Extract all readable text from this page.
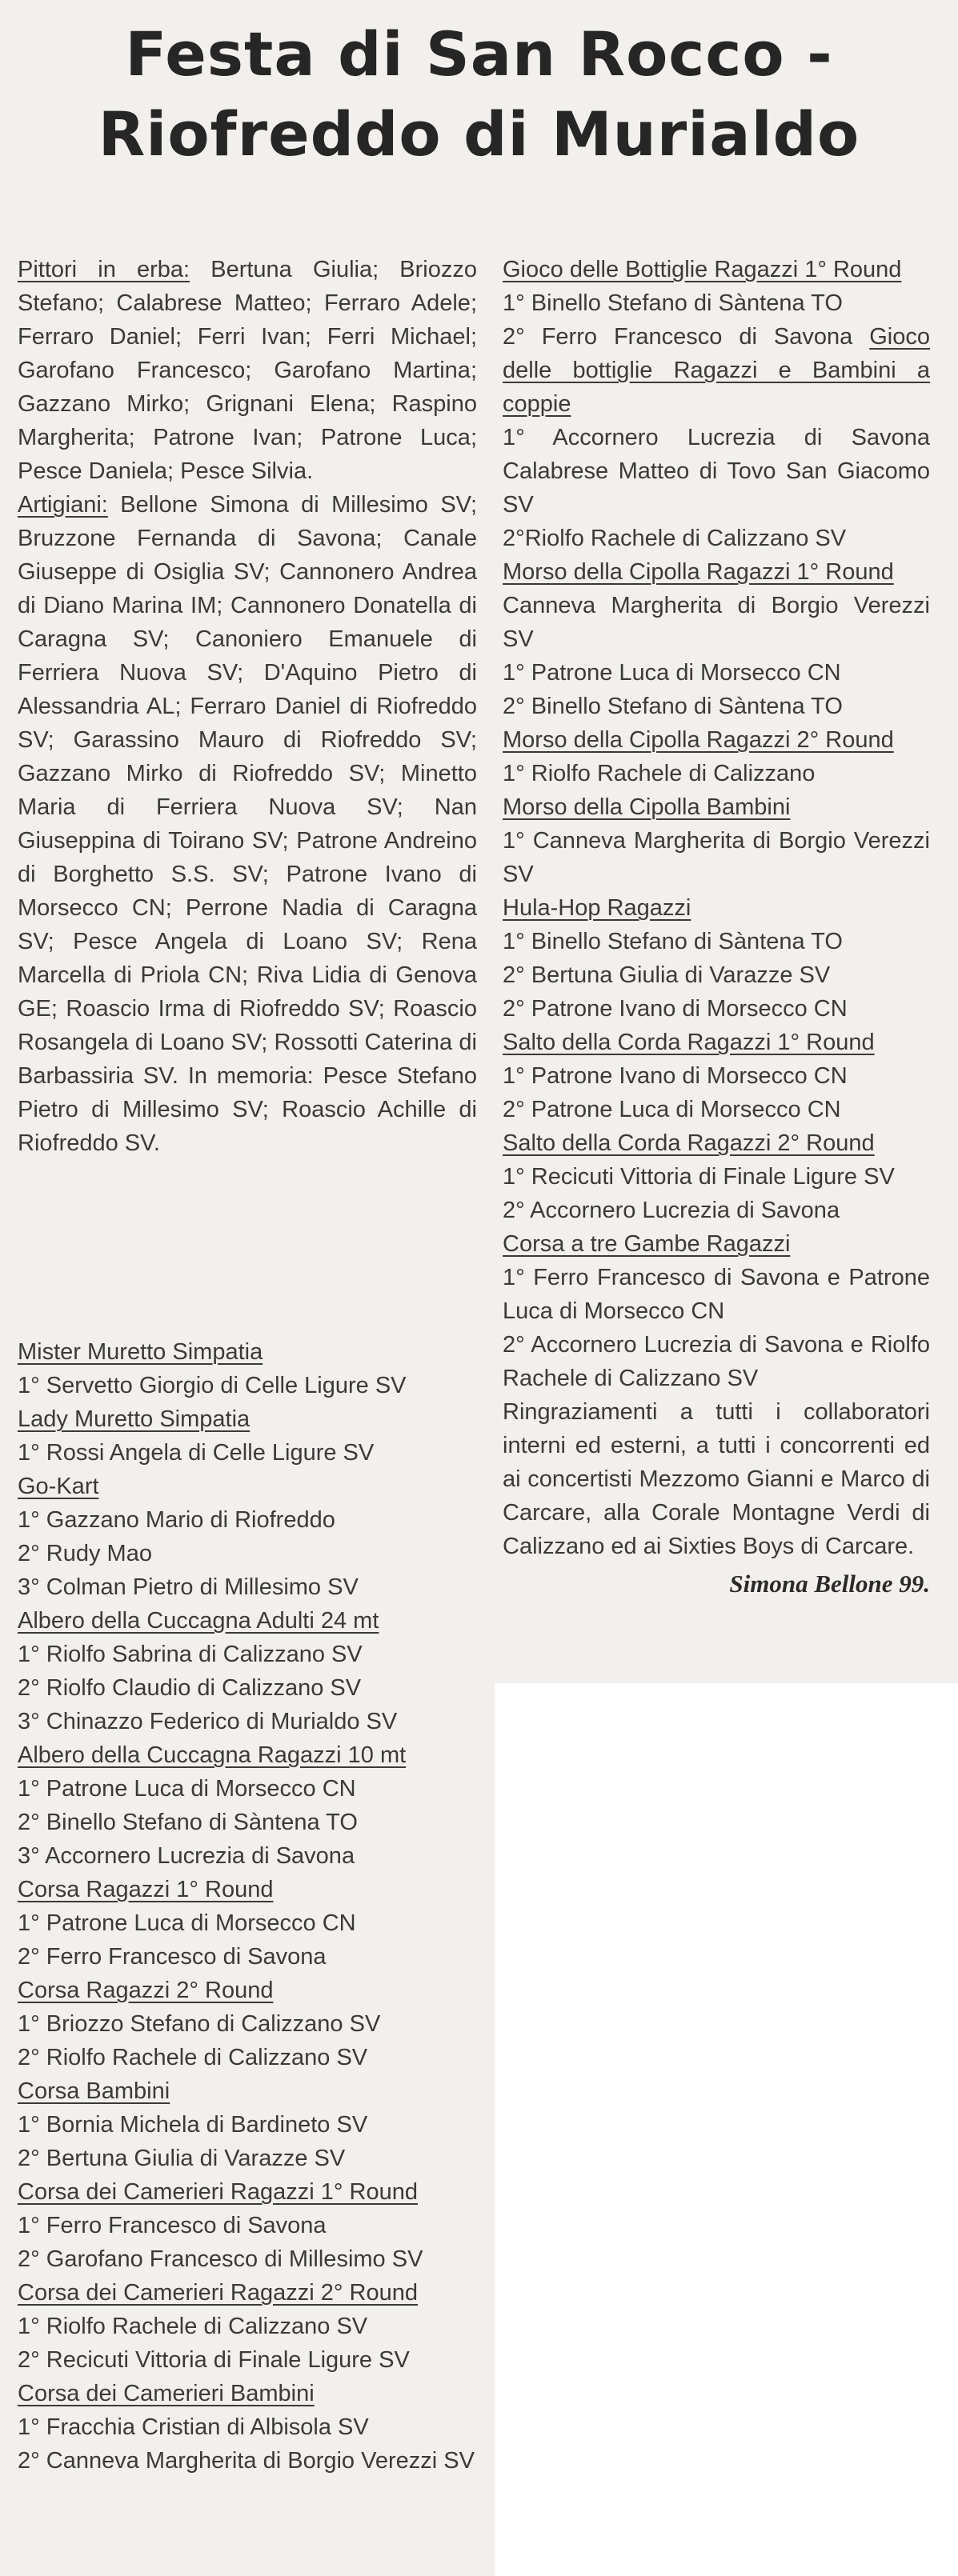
Festa di San Rocco -
Riofreddo di Murialdo

Pittori in erba: Bertuna Giulia; Briozzo Stefano; Calabrese Matteo; Ferraro Adele; Ferraro Daniel; Ferri Ivan; Ferri Michael; Garofano Francesco; Garofano Martina; Gazzano Mirko; Grignani Elena; Raspino Margherita; Patrone Ivan; Patrone Luca; Pesce Daniela; Pesce Silvia.

Artigiani: Bellone Simona di Millesimo SV; Bruzzone Fernanda di Savona; Canale Giuseppe di Osiglia SV; Cannonero Andrea di Diano Marina IM; Cannonero Donatella di Caragna SV; Canoniero Emanuele di Ferriera Nuova SV; D'Aquino Pietro di Alessandria AL; Ferraro Daniel di Riofreddo SV; Garassino Mauro di Riofreddo SV; Gazzano Mirko di Riofreddo SV; Minetto Maria di Ferriera Nuova SV; Nan Giuseppina di Toirano SV; Patrone Andreino di Borghetto S.S. SV; Patrone Ivano di Morsecco CN; Perrone Nadia di Caragna SV; Pesce Angela di Loano SV; Rena Marcella di Priola CN; Riva Lidia di Genova GE; Roascio Irma di Riofreddo SV; Roascio Rosangela di Loano SV; Rossotti Caterina di Barbassiria SV. In memoria: Pesce Stefano Pietro di Millesimo SV; Roascio Achille di Riofreddo SV.

Mister Muretto Simpatia
1° Servetto Giorgio di Celle Ligure SV
Lady Muretto Simpatia
1° Rossi Angela di Celle Ligure SV
Go-Kart
1° Gazzano Mario di Riofreddo
2° Rudy Mao
3° Colman Pietro di Millesimo SV
Albero della Cuccagna Adulti 24 mt
1° Riolfo Sabrina di Calizzano SV
2° Riolfo Claudio di Calizzano SV
3° Chinazzo Federico di Murialdo SV
Albero della Cuccagna Ragazzi 10 mt
1° Patrone Luca di Morsecco CN
2° Binello Stefano di Sàntena TO
3° Accornero Lucrezia di Savona
Corsa Ragazzi 1° Round
1° Patrone Luca di Morsecco CN
2° Ferro Francesco di Savona
Corsa Ragazzi 2° Round
1° Briozzo Stefano di Calizzano SV
2° Riolfo Rachele di Calizzano SV
Corsa Bambini
1° Bornia Michela di Bardineto SV
2° Bertuna Giulia di Varazze SV
Corsa dei Camerieri Ragazzi 1° Round
1° Ferro Francesco di Savona
2° Garofano Francesco di Millesimo SV
Corsa dei Camerieri Ragazzi 2° Round
1° Riolfo Rachele di Calizzano SV
2° Recicuti Vittoria di Finale Ligure SV
Corsa dei Camerieri Bambini
1° Fracchia Cristian di Albisola SV
2° Canneva Margherita di Borgio Verezzi SV
Gioco delle Bottiglie Ragazzi 1° Round
1° Binello Stefano di Sàntena TO
2° Ferro Francesco di Savona Gioco delle bottiglie Ragazzi e Bambini a coppie
1° Accornero Lucrezia di Savona Calabrese Matteo di Tovo San Giacomo SV
2°Riolfo Rachele di Calizzano SV
Morso della Cipolla Ragazzi 1° Round
Canneva Margherita di Borgio Verezzi SV
1° Patrone Luca di Morsecco CN
2° Binello Stefano di Sàntena TO
Morso della Cipolla Ragazzi 2° Round
1° Riolfo Rachele di Calizzano
Morso della Cipolla Bambini
1° Canneva Margherita di Borgio Verezzi SV
Hula-Hop Ragazzi
1° Binello Stefano di Sàntena TO
2° Bertuna Giulia di Varazze SV
2° Patrone Ivano di Morsecco CN
Salto della Corda Ragazzi 1° Round
1° Patrone Ivano di Morsecco CN
2° Patrone Luca di Morsecco CN
Salto della Corda Ragazzi 2° Round
1° Recicuti Vittoria di Finale Ligure SV
2° Accornero Lucrezia di Savona
Corsa a tre Gambe Ragazzi
1° Ferro Francesco di Savona e Patrone Luca di Morsecco CN
2° Accornero Lucrezia di Savona e Riolfo Rachele di Calizzano SV

Ringraziamenti a tutti i collaboratori interni ed esterni, a tutti i concorrenti ed ai concertisti Mezzomo Gianni e Marco di Carcare, alla Corale Montagne Verdi di Calizzano ed ai Sixties Boys di Carcare.

Simona Bellone 99.
